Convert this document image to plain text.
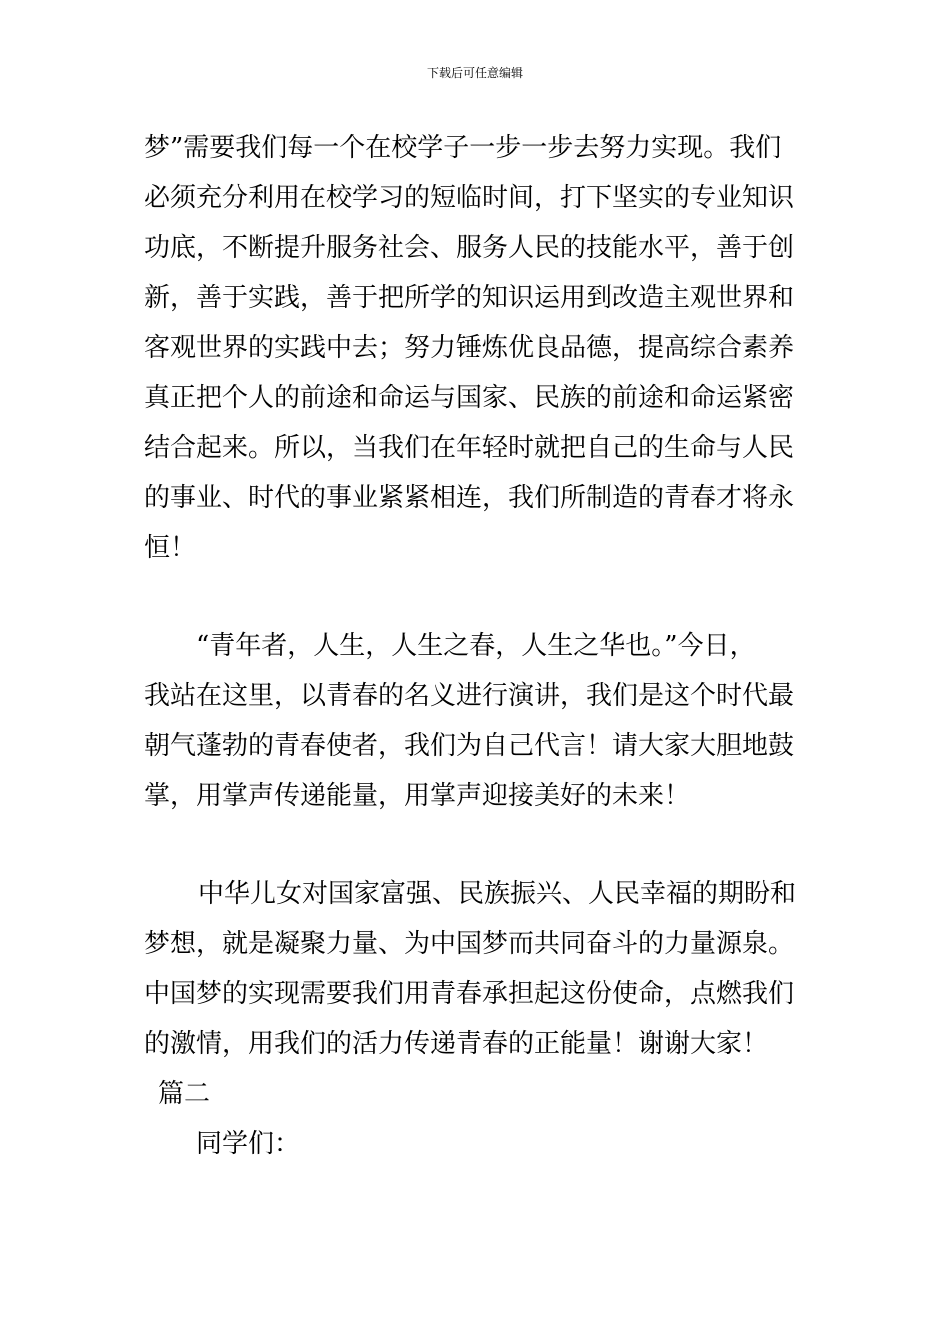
下载后可任意编辑
梦”需要我们每一个在校学子一步一步去努力实现。我们
必须充分利用在校学习的短临时间，打下坚实的专业知识
功底，不断提升服务社会、服务人民的技能水平，善于创
新，善于实践，善于把所学的知识运用到改造主观世界和
客观世界的实践中去；努力锤炼优良品德，提高综合素养
真正把个人的前途和命运与国家、民族的前途和命运紧密
结合起来。所以，当我们在年轻时就把自己的生命与人民
的事业、时代的事业紧紧相连，我们所制造的青春才将永
恒！
“青年者，人生，人生之春，人生之华也。”今日，
我站在这里，以青春的名义进行演讲，我们是这个时代最
朝气蓬勃的青春使者，我们为自己代言！请大家大胆地鼓
掌，用掌声传递能量，用掌声迎接美好的未来！
中华儿女对国家富强、民族振兴、人民幸福的期盼和
梦想，就是凝聚力量、为中国梦而共同奋斗的力量源泉。
中国梦的实现需要我们用青春承担起这份使命，点燃我们
的激情，用我们的活力传递青春的正能量！谢谢大家！
篇二
同学们：
